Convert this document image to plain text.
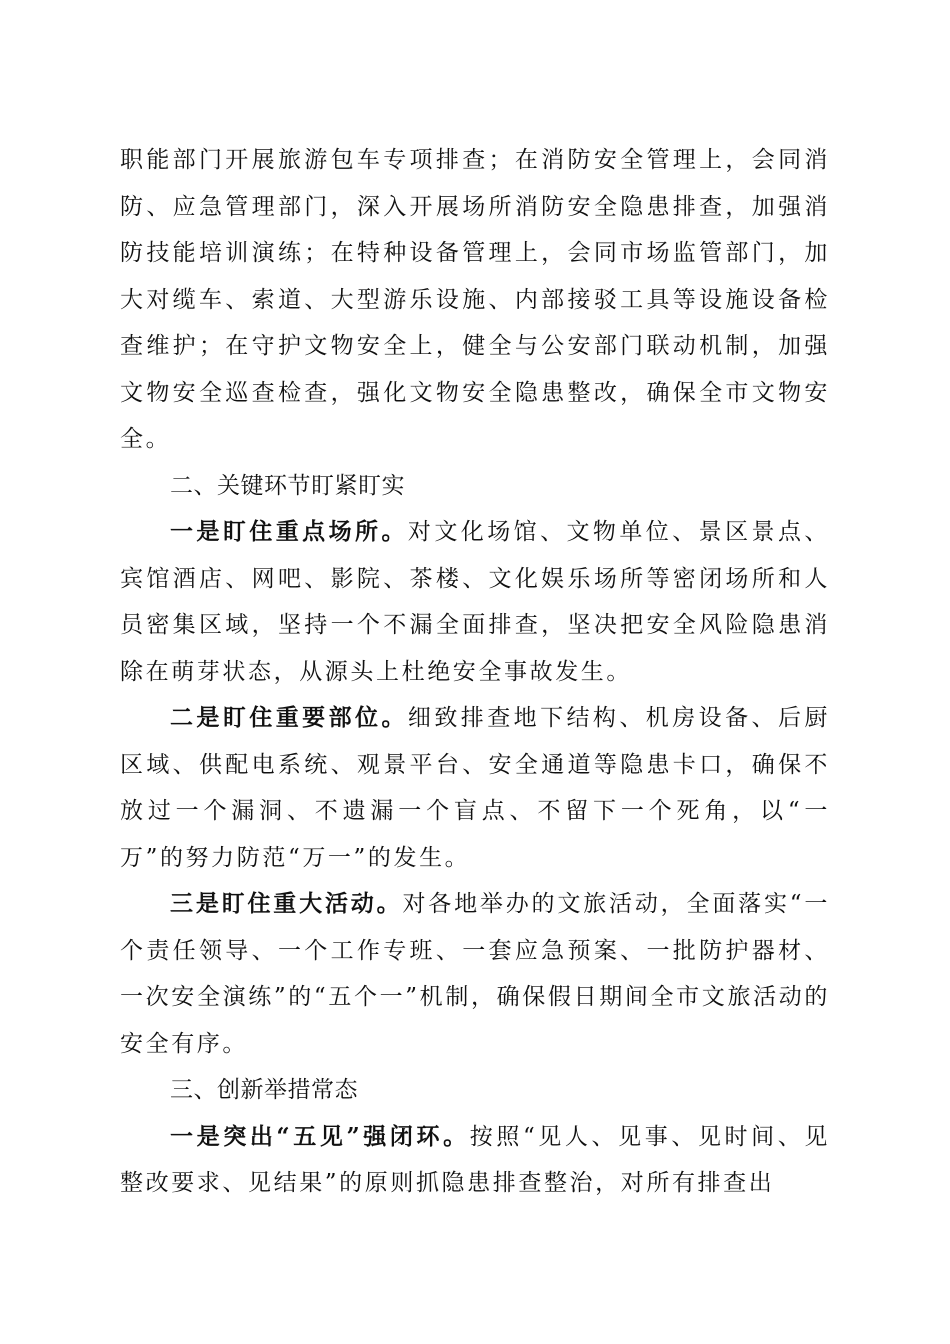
职能部门开展旅游包车专项排查；在消防安全管理上，会同消防、应急管理部门，深入开展场所消防安全隐患排查，加强消防技能培训演练；在特种设备管理上，会同市场监管部门，加大对缆车、索道、大型游乐设施、内部接驳工具等设施设备检查维护；在守护文物安全上，健全与公安部门联动机制，加强文物安全巡查检查，强化文物安全隐患整改，确保全市文物安全。

二、关键环节盯紧盯实

一是盯住重点场所。对文化场馆、文物单位、景区景点、宾馆酒店、网吧、影院、茶楼、文化娱乐场所等密闭场所和人员密集区域，坚持一个不漏全面排查，坚决把安全风险隐患消除在萌芽状态，从源头上杜绝安全事故发生。

二是盯住重要部位。细致排查地下结构、机房设备、后厨区域、供配电系统、观景平台、安全通道等隐患卡口，确保不放过一个漏洞、不遗漏一个盲点、不留下一个死角，以“一万”的努力防范“万一”的发生。

三是盯住重大活动。对各地举办的文旅活动，全面落实“一个责任领导、一个工作专班、一套应急预案、一批防护器材、一次安全演练”的“五个一”机制，确保假日期间全市文旅活动的安全有序。

三、创新举措常态

一是突出“五见”强闭环。按照“见人、见事、见时间、见整改要求、见结果”的原则抓隐患排查整治，对所有排查出
